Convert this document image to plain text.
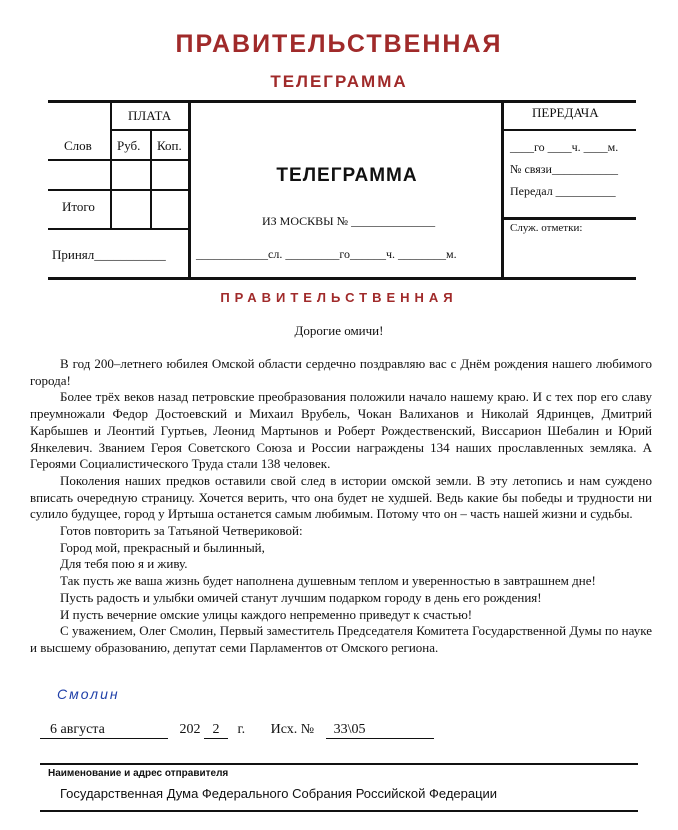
ПРАВИТЕЛЬСТВЕННАЯ
ТЕЛЕГРАММА
ПЛАТА
Слов Руб. Коп.
Итого
Принял___________
ТЕЛЕГРАММА
ИЗ МОСКВЫ № ______________
____________сл. _________го______ч. ________м.
ПЕРЕДАЧА
____го ____ч. ____м.
№ связи___________
Передал __________
Служ. отметки:
ПРАВИТЕЛЬСТВЕННАЯ
Дорогие омичи!

В год 200–летнего юбилея Омской области сердечно поздравляю вас с Днём рождения нашего любимого города!

Более трёх веков назад петровские преобразования положили начало нашему краю. И с тех пор его славу преумножали Федор Достоевский и Михаил Врубель, Чокан Валиханов и Николай Ядринцев, Дмитрий Карбышев и Леонтий Гуртьев, Леонид Мартынов и Роберт Рождественский, Виссарион Шебалин и Юрий Янкелевич. Званием Героя Советского Союза и России награждены 134 наших прославленных земляка. А Героями Социалистического Труда стали 138 человек.

Поколения наших предков оставили свой след в истории омской земли. В эту летопись и нам суждено вписать очередную страницу. Хочется верить, что она будет не худшей. Ведь какие бы победы и трудности ни сулило будущее, город у Иртыша останется самым любимым. Потому что он – часть нашей жизни и судьбы.

Готов повторить за Татьяной Четвериковой:

Город мой, прекрасный и былинный,

Для тебя пою я и живу.

Так пусть же ваша жизнь будет наполнена душевным теплом и уверенностью в завтрашнем дне!

Пусть радость и улыбки омичей станут лучшим подарком городу в день его рождения!

И пусть вечерние омские улицы каждого непременно приведут к счастью!

С уважением, Олег Смолин, Первый заместитель Председателя Комитета Государственной Думы по науке и высшему образованию, депутат семи Парламентов от Омского региона.

Смолин
6 августа	202 2 г. Исх. № 33\05
Наименование и адрес отправителя
Государственная Дума Федерального Собрания Российской Федерации
